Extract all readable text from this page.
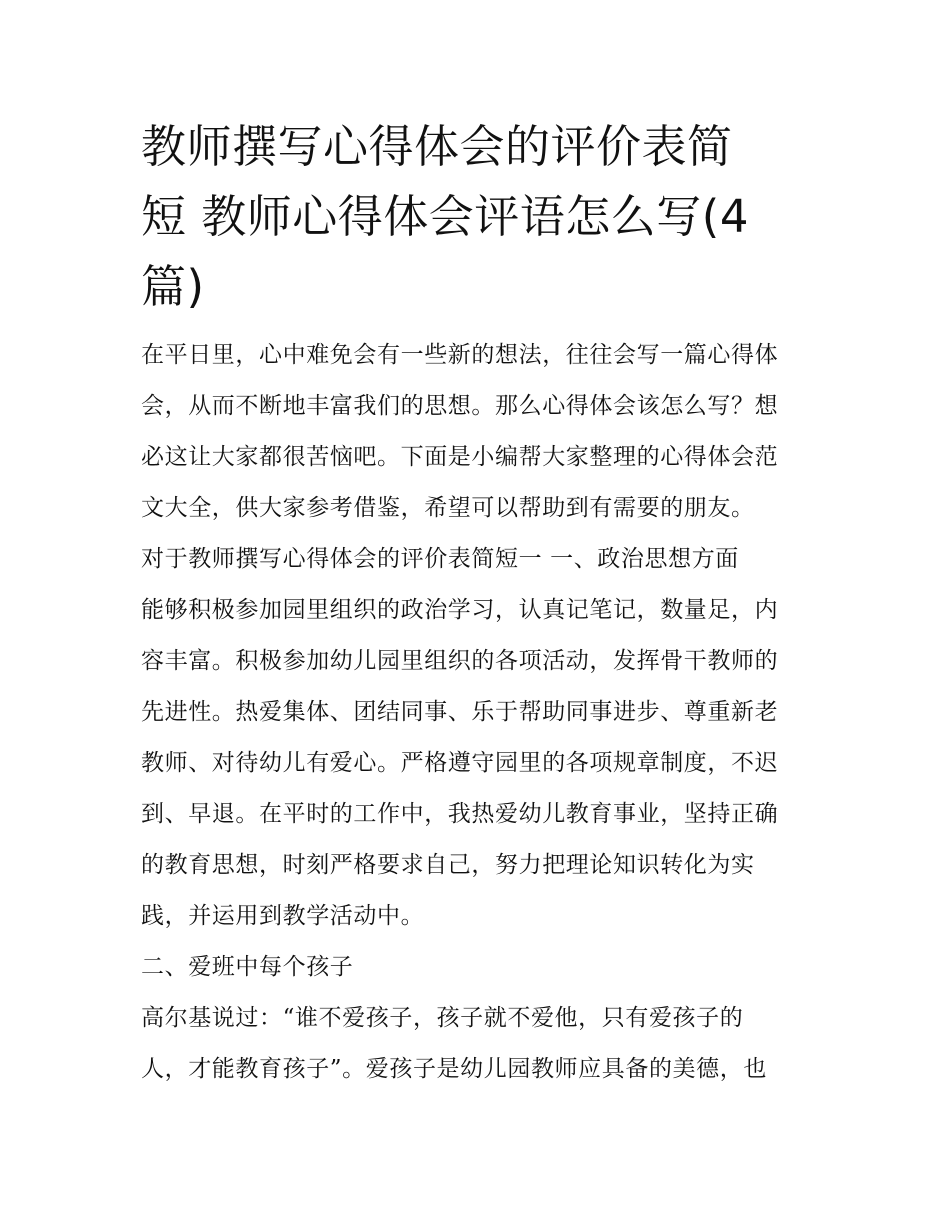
教师撰写心得体会的评价表简
短 教师心得体会评语怎么写(4
篇)
在平日里，心中难免会有一些新的想法，往往会写一篇心得体
会，从而不断地丰富我们的思想。那么心得体会该怎么写？想
必这让大家都很苦恼吧。下面是小编帮大家整理的心得体会范
文大全，供大家参考借鉴，希望可以帮助到有需要的朋友。
对于教师撰写心得体会的评价表简短一 一、政治思想方面
能够积极参加园里组织的政治学习，认真记笔记，数量足，内
容丰富。积极参加幼儿园里组织的各项活动，发挥骨干教师的
先进性。热爱集体、团结同事、乐于帮助同事进步、尊重新老
教师、对待幼儿有爱心。严格遵守园里的各项规章制度，不迟
到、早退。在平时的工作中，我热爱幼儿教育事业，坚持正确
的教育思想，时刻严格要求自己，努力把理论知识转化为实
践，并运用到教学活动中。
二、爱班中每个孩子
高尔基说过：“谁不爱孩子，孩子就不爱他，只有爱孩子的
人，才能教育孩子”。爱孩子是幼儿园教师应具备的美德，也
